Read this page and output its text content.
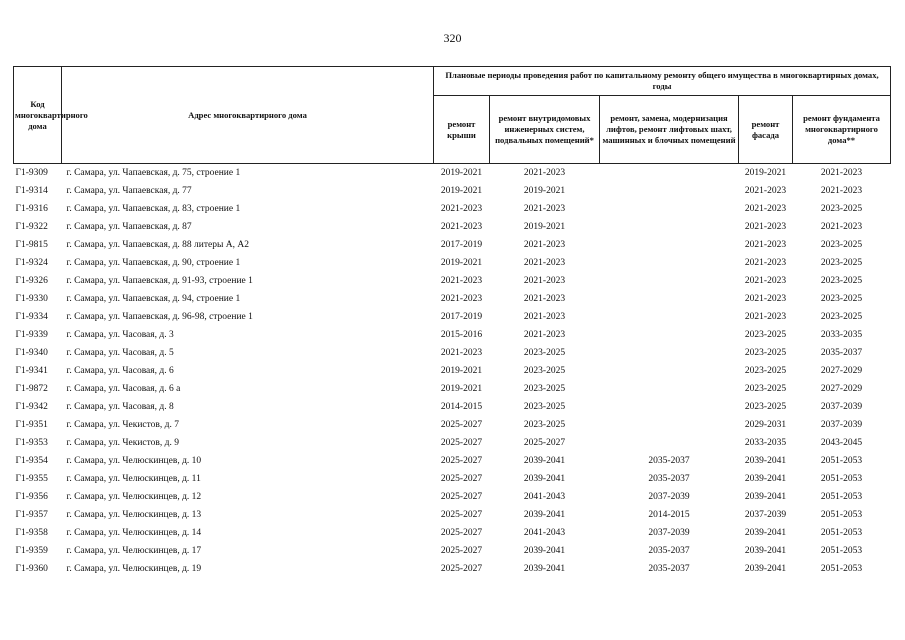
320
Код многоквартирного дома	Адрес многоквартирного дома	Плановые периоды проведения работ по капитальному ремонту общего имущества в многоквартирных домах, годы				
		ремонт крыши	ремонт внутридомовых инженерных систем, подвальных помещений*	ремонт, замена, модернизация лифтов, ремонт лифтовых шахт, машинных и блочных помещений	ремонт фасада	ремонт фундамента многоквартирного дома**
Г1-9309	г. Самара, ул. Чапаевская, д. 75, строение 1	2019-2021	2021-2023		2019-2021	2021-2023
Г1-9314	г. Самара, ул. Чапаевская, д. 77	2019-2021	2019-2021		2021-2023	2021-2023
Г1-9316	г. Самара, ул. Чапаевская, д. 83, строение 1	2021-2023	2021-2023		2021-2023	2023-2025
Г1-9322	г. Самара, ул. Чапаевская, д. 87	2021-2023	2019-2021		2021-2023	2021-2023
Г1-9815	г. Самара, ул. Чапаевская, д. 88 литеры А, А2	2017-2019	2021-2023		2021-2023	2023-2025
Г1-9324	г. Самара, ул. Чапаевская, д. 90, строение 1	2019-2021	2021-2023		2021-2023	2023-2025
Г1-9326	г. Самара, ул. Чапаевская, д. 91-93, строение 1	2021-2023	2021-2023		2021-2023	2023-2025
Г1-9330	г. Самара, ул. Чапаевская, д. 94, строение 1	2021-2023	2021-2023		2021-2023	2023-2025
Г1-9334	г. Самара, ул. Чапаевская, д. 96-98, строение 1	2017-2019	2021-2023		2021-2023	2023-2025
Г1-9339	г. Самара, ул. Часовая, д. 3	2015-2016	2021-2023		2023-2025	2033-2035
Г1-9340	г. Самара, ул. Часовая, д. 5	2021-2023	2023-2025		2023-2025	2035-2037
Г1-9341	г. Самара, ул. Часовая, д. 6	2019-2021	2023-2025		2023-2025	2027-2029
Г1-9872	г. Самара, ул. Часовая, д. 6 а	2019-2021	2023-2025		2023-2025	2027-2029
Г1-9342	г. Самара, ул. Часовая, д. 8	2014-2015	2023-2025		2023-2025	2037-2039
Г1-9351	г. Самара, ул. Чекистов, д. 7	2025-2027	2023-2025		2029-2031	2037-2039
Г1-9353	г. Самара, ул. Чекистов, д. 9	2025-2027	2025-2027		2033-2035	2043-2045
Г1-9354	г. Самара, ул. Челюскинцев, д. 10	2025-2027	2039-2041	2035-2037	2039-2041	2051-2053
Г1-9355	г. Самара, ул. Челюскинцев, д. 11	2025-2027	2039-2041	2035-2037	2039-2041	2051-2053
Г1-9356	г. Самара, ул. Челюскинцев, д. 12	2025-2027	2041-2043	2037-2039	2039-2041	2051-2053
Г1-9357	г. Самара, ул. Челюскинцев, д. 13	2025-2027	2039-2041	2014-2015	2037-2039	2051-2053
Г1-9358	г. Самара, ул. Челюскинцев, д. 14	2025-2027	2041-2043	2037-2039	2039-2041	2051-2053
Г1-9359	г. Самара, ул. Челюскинцев, д. 17	2025-2027	2039-2041	2035-2037	2039-2041	2051-2053
Г1-9360	г. Самара, ул. Челюскинцев, д. 19	2025-2027	2039-2041	2035-2037	2039-2041	2051-2053
